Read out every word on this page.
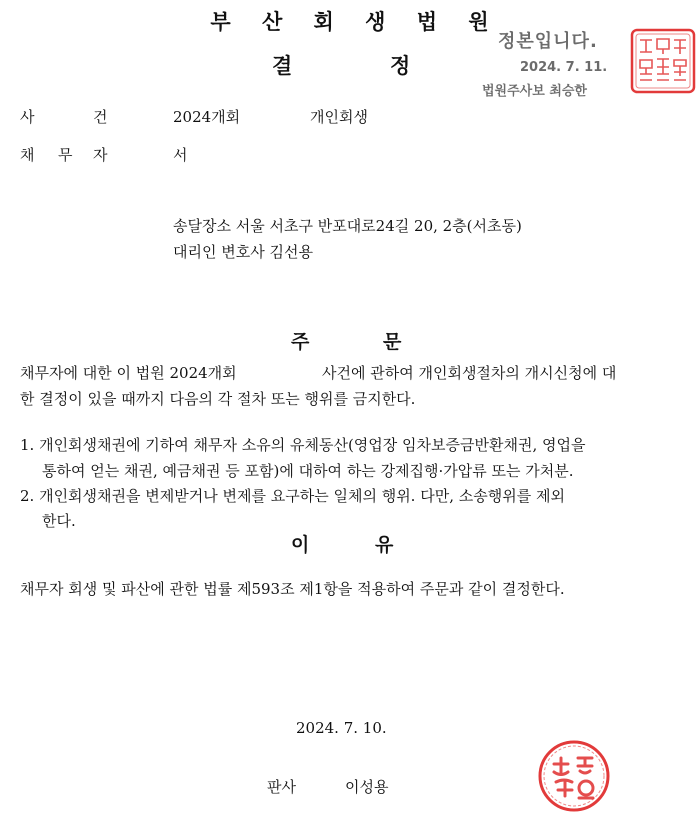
부 산 회 생 법 원
결	정
정본입니다.
2024. 7. 11.
법원주사보 최승한
사	건	2024개회	개인회생
채 무 자	서
송달장소 서울 서초구 반포대로24길 20, 2층(서초동)
대리인 변호사 김선용
주	문
채무자에 대한 이 법원 2024개회	사건에 관하여 개인회생절차의 개시신청에 대
한 결정이 있을 때까지 다음의 각 절차 또는 행위를 금지한다.
1. 개인회생채권에 기하여 채무자 소유의 유체동산(영업장 임차보증금반환채권, 영업을
통하여 얻는 채권, 예금채권 등 포함)에 대하여 하는 강제집행·가압류 또는 가처분.
2. 개인회생채권을 변제받거나 변제를 요구하는 일체의 행위. 다만, 소송행위를 제외
한다.
이	유
채무자 회생 및 파산에 관한 법률 제593조 제1항을 적용하여 주문과 같이 결정한다.
2024. 7. 10.
판사	이성용
